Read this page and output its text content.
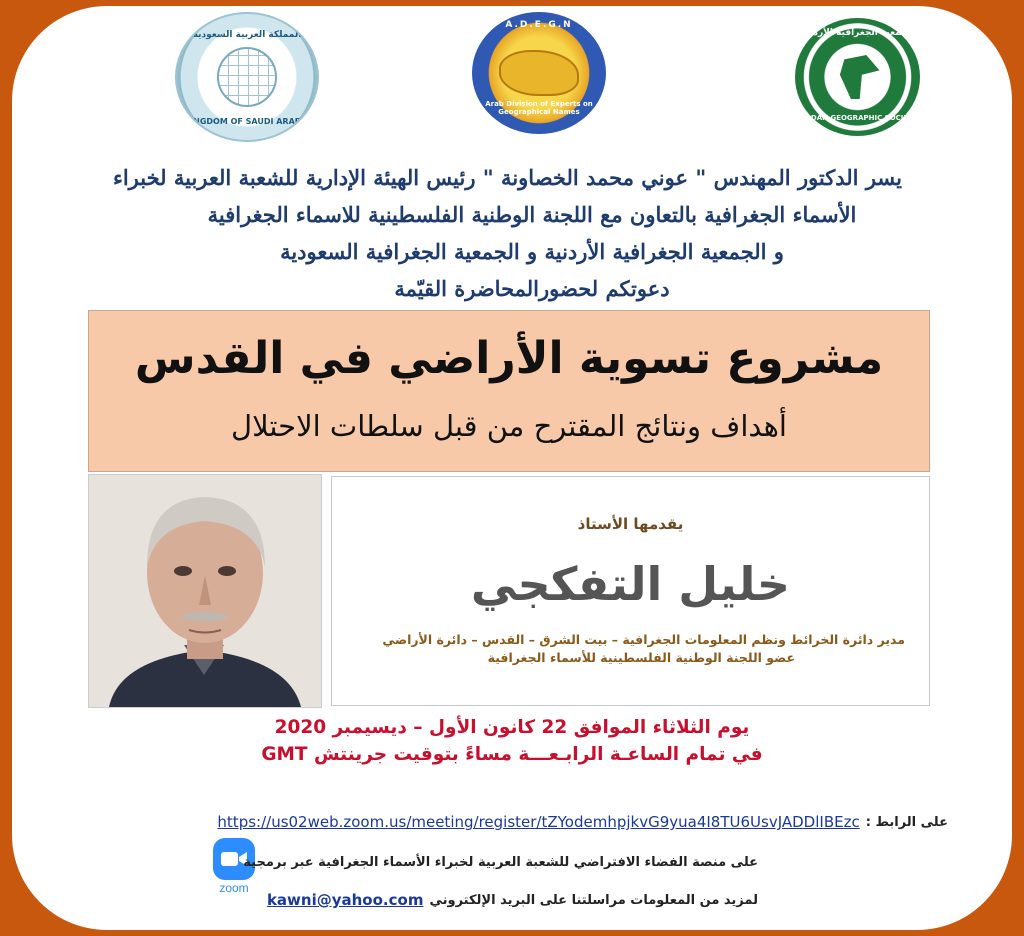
المملكة العربية السعودية
KINGDOM OF SAUDI ARABIA
A.D.E.G.N
Arab Division of Experts on Geographical Names
الجمعية الجغرافية الأردنية
JORDAN GEOGRAPHIC SOCIETY
يسر الدكتور المهندس " عوني محمد الخصاونة " رئيس الهيئة الإدارية للشعبة العربية لخبراء
الأسماء الجغرافية بالتعاون مع اللجنة الوطنية الفلسطينية للاسماء الجغرافية
و الجمعية الجغرافية الأردنية و الجمعية الجغرافية السعودية
دعوتكم لحضورالمحاضرة القيّمة
مشروع تسوية الأراضي في القدس
أهداف ونتائج المقترح من قبل سلطات الاحتلال
يقدمها الأستاذ
خليل التفكجي
مدير دائرة الخرائط ونظم المعلومات الجغرافية – بيت الشرق – القدس – دائرة الأراضي
عضو اللجنة الوطنية الفلسطينية للأسماء الجغرافية
يوم الثلاثاء الموافق 22 كانون الأول – ديسيمبر 2020
في تمام الساعـة الرابـعـــة مساءً بتوقيت جرينتش GMT
على الرابط :
https://us02web.zoom.us/meeting/register/tZYodemhpjkvG9yua4I8TU6UsvJADDlIBEzc
zoom
على منصة الفضاء الافتراضي للشعبة العربية لخبراء الأسماء الجغرافية عبر برمجية
لمزيد من المعلومات مراسلتنا على البريد الإلكتروني
kawni@yahoo.com
